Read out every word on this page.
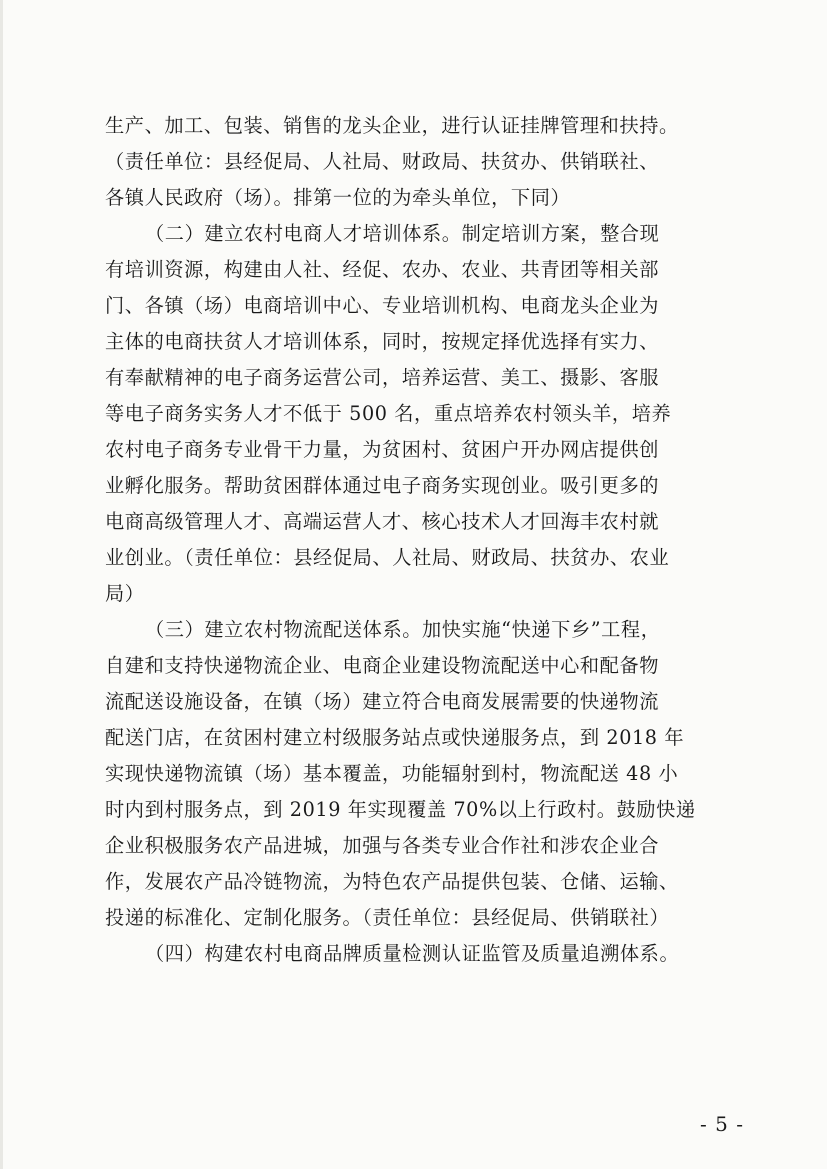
生产、加工、包装、销售的龙头企业，进行认证挂牌管理和扶持。
（责任单位：县经促局、人社局、财政局、扶贫办、供销联社、
各镇人民政府（场）。排第一位的为牵头单位，下同）
（二）建立农村电商人才培训体系。制定培训方案，整合现
有培训资源，构建由人社、经促、农办、农业、共青团等相关部
门、各镇（场）电商培训中心、专业培训机构、电商龙头企业为
主体的电商扶贫人才培训体系，同时，按规定择优选择有实力、
有奉献精神的电子商务运营公司，培养运营、美工、摄影、客服
等电子商务实务人才不低于 500 名，重点培养农村领头羊，培养
农村电子商务专业骨干力量，为贫困村、贫困户开办网店提供创
业孵化服务。帮助贫困群体通过电子商务实现创业。吸引更多的
电商高级管理人才、高端运营人才、核心技术人才回海丰农村就
业创业。（责任单位：县经促局、人社局、财政局、扶贫办、农业
局）
（三）建立农村物流配送体系。加快实施“快递下乡”工程，
自建和支持快递物流企业、电商企业建设物流配送中心和配备物
流配送设施设备，在镇（场）建立符合电商发展需要的快递物流
配送门店，在贫困村建立村级服务站点或快递服务点，到 2018 年
实现快递物流镇（场）基本覆盖，功能辐射到村，物流配送 48 小
时内到村服务点，到 2019 年实现覆盖 70%以上行政村。鼓励快递
企业积极服务农产品进城，加强与各类专业合作社和涉农企业合
作，发展农产品冷链物流，为特色农产品提供包装、仓储、运输、
投递的标准化、定制化服务。（责任单位：县经促局、供销联社）
（四）构建农村电商品牌质量检测认证监管及质量追溯体系。
- 5 -
